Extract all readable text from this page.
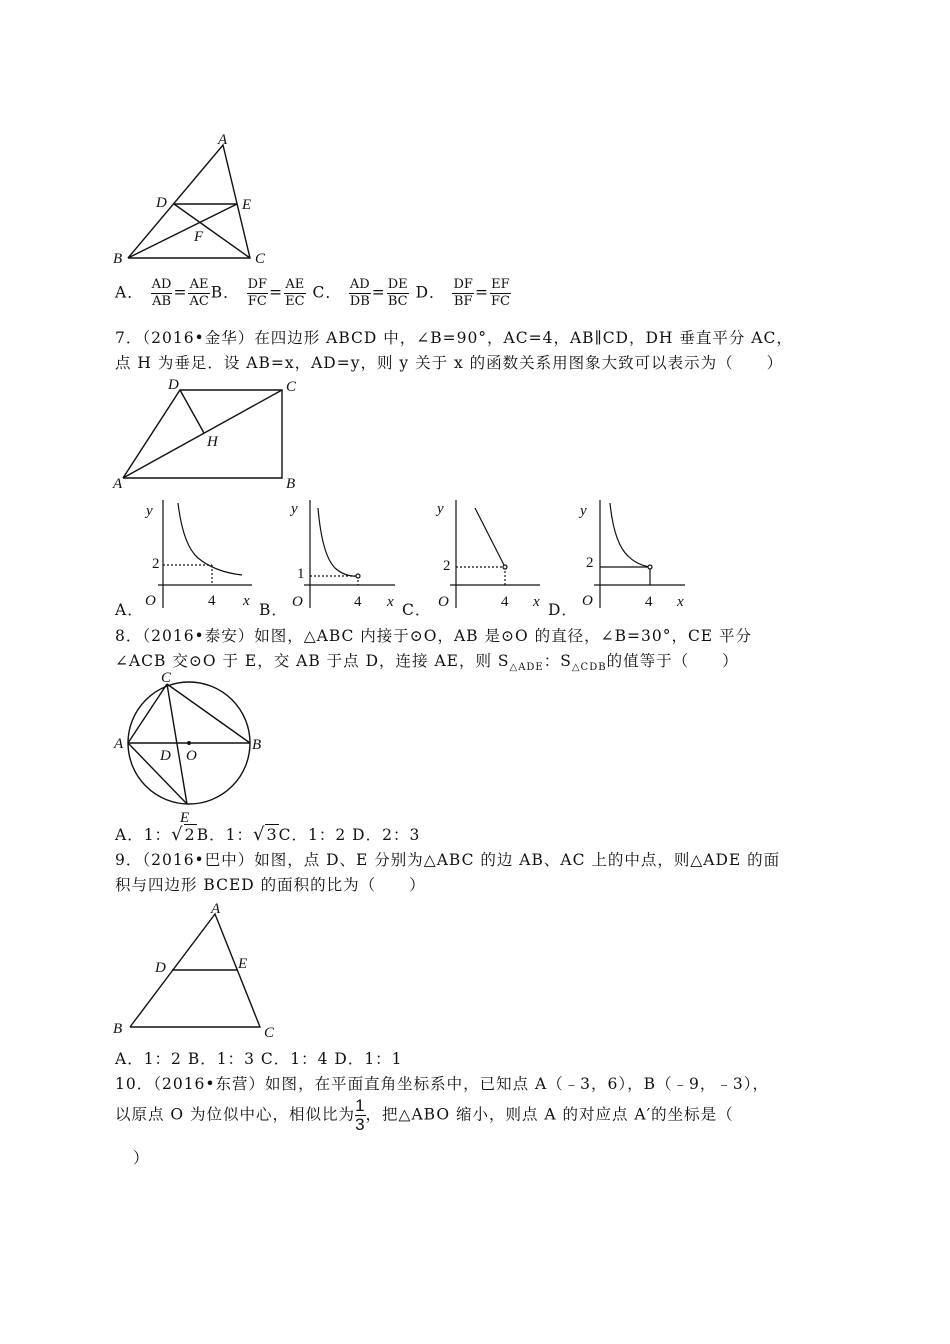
A
D	E
F
B	C
A． $\frac{AD}{AB} = \frac{AE}{AC}$ B． $\frac{DF}{FC} = \frac{AE}{EC}$ C． $\frac{AD}{DB} = \frac{DE}{BC}$ D． $\frac{DF}{BF} = \frac{EF}{FC}$
7．（2016•金华）在四边形 ABCD 中，∠B=90°，AC=4，AB∥CD，DH 垂直平分 AC，
点 H 为垂足．设 AB=x，AD=y，则 y 关于 x 的函数关系用图象大致可以表示为（　　）
D	C
H
A	B
y
2
O	4 x
A．
y
1
O	4 x
B．
y
2
O	4 x
C．
y
2
O	4 x
D．
8．（2016•泰安）如图，△ABC 内接于⊙O，AB 是⊙O 的直径，∠B=30°，CE 平分
∠ACB 交⊙O 于 E，交 AB 于点 D，连接 AE，则 $S_{\triangle ADE}$：$S_{\triangle CDB}$的值等于（　　）
C
A	B
D O
E
A．1：√2B．1：√3C．1：2 D．2：3
9．（2016•巴中）如图，点 D、E 分别为△ABC 的边 AB、AC 上的中点，则△ADE 的面
积与四边形 BCED 的面积的比为（　　）
A
D	E
B	C
A．1：2 B．1：3 C．1：4 D．1：1
10．（2016•东营）如图，在平面直角坐标系中，已知点 A（﹣3，6），B（﹣9，﹣3），
以原点 O 为位似中心，相似比为 $\frac{1}{3}$，把△ABO 缩小，则点 A 的对应点 A′的坐标是（
）
